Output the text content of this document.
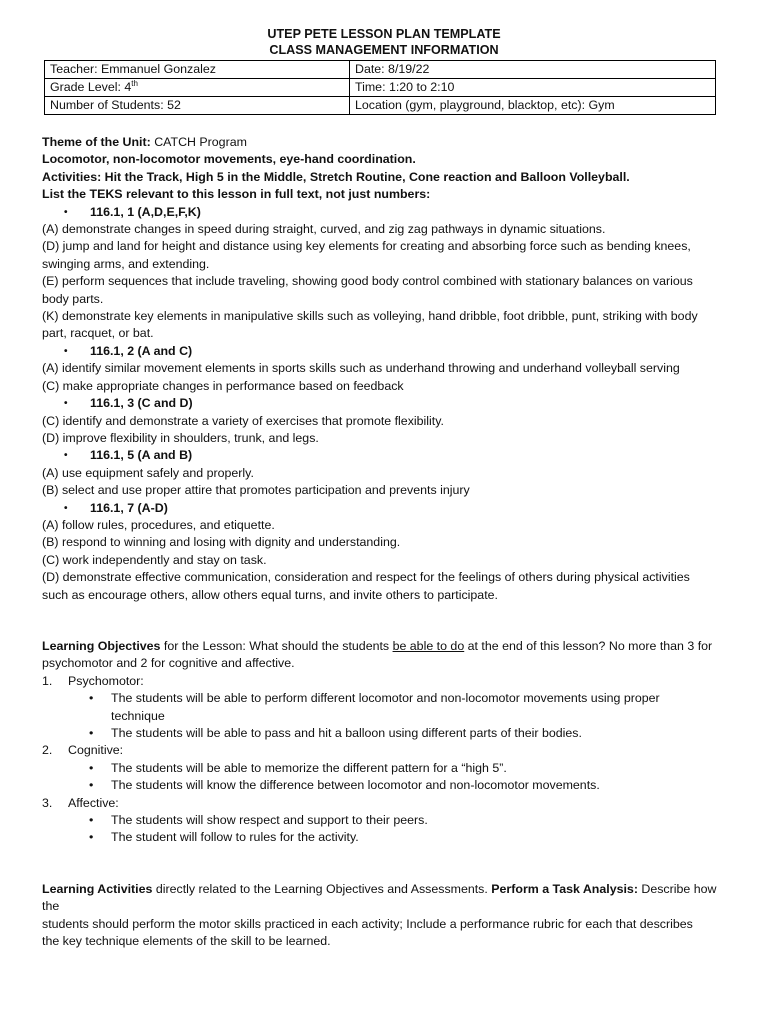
UTEP PETE LESSON PLAN TEMPLATE
CLASS MANAGEMENT INFORMATION
Teacher: Emmanuel Gonzalez	Date: 8/19/22
Grade Level: 4th	Time: 1:20 to 2:10
Number of Students: 52	Location (gym, playground, blacktop, etc): Gym

Theme of the Unit: CATCH Program

Locomotor, non-locomotor movements, eye-hand coordination.

Activities: Hit the Track, High 5 in the Middle, Stretch Routine, Cone reaction and Balloon Volleyball.

List the TEKS relevant to this lesson in full text, not just numbers:

• 116.1, 1 (A,D,E,F,K)

(A) demonstrate changes in speed during straight, curved, and zig zag pathways in dynamic situations.

(D) jump and land for height and distance using key elements for creating and absorbing force such as bending knees,

swinging arms, and extending.

(E) perform sequences that include traveling, showing good body control combined with stationary balances on various

body parts.

(K) demonstrate key elements in manipulative skills such as volleying, hand dribble, foot dribble, punt, striking with body

part, racquet, or bat.

• 116.1, 2 (A and C)

(A) identify similar movement elements in sports skills such as underhand throwing and underhand volleyball serving

(C) make appropriate changes in performance based on feedback

• 116.1, 3 (C and D)

(C) identify and demonstrate a variety of exercises that promote flexibility.

(D) improve flexibility in shoulders, trunk, and legs.

• 116.1, 5 (A and B)

(A) use equipment safely and properly.

(B) select and use proper attire that promotes participation and prevents injury

• 116.1, 7 (A-D)

(A) follow rules, procedures, and etiquette.

(B) respond to winning and losing with dignity and understanding.

(C) work independently and stay on task.

(D) demonstrate effective communication, consideration and respect for the feelings of others during physical activities

such as encourage others, allow others equal turns, and invite others to participate.

Learning Objectives for the Lesson: What should the students be able to do at the end of this lesson? No more than 3 for

psychomotor and 2 for cognitive and affective.

1. Psychomotor:

• The students will be able to perform different locomotor and non-locomotor movements using proper

technique

• The students will be able to pass and hit a balloon using different parts of their bodies.

2. Cognitive:

• The students will be able to memorize the different pattern for a “high 5”.

• The students will know the difference between locomotor and non-locomotor movements.

3. Affective:

• The students will show respect and support to their peers.

• The student will follow to rules for the activity.

Learning Activities directly related to the Learning Objectives and Assessments. Perform a Task Analysis: Describe how the

students should perform the motor skills practiced in each activity; Include a performance rubric for each that describes

the key technique elements of the skill to be learned.
